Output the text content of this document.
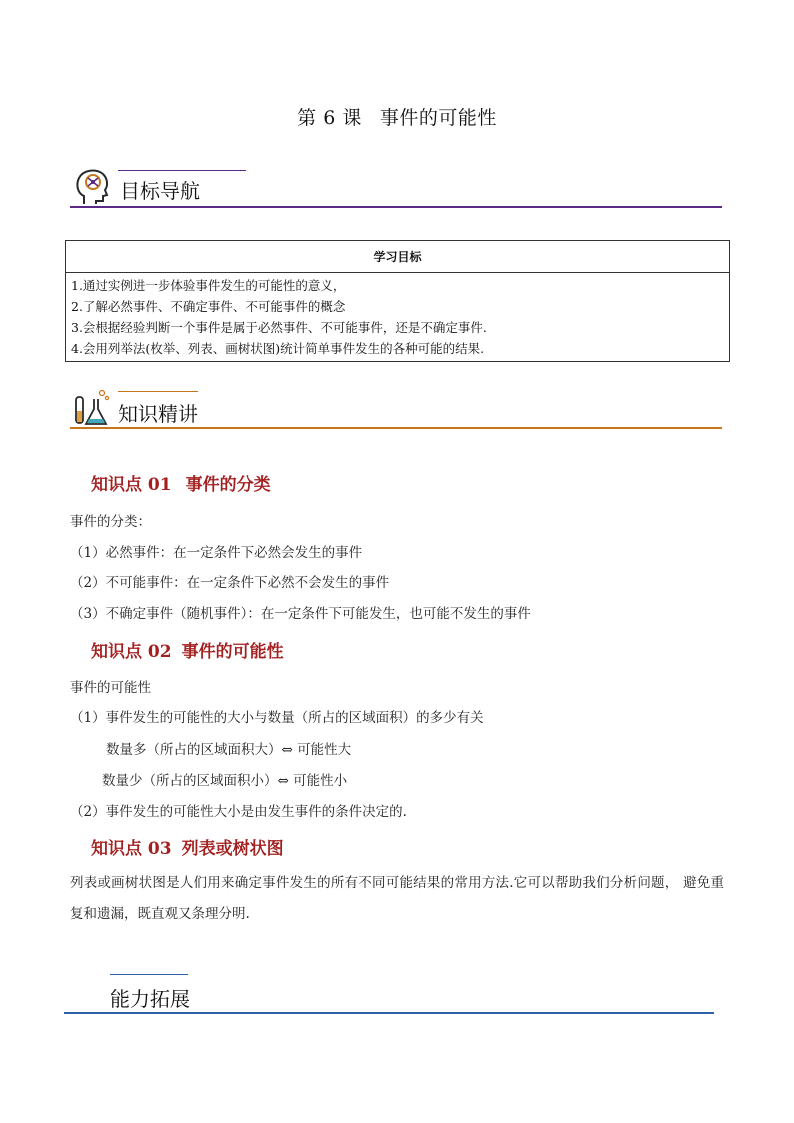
第 6 课 事件的可能性
目标导航
学习目标

1.通过实例进一步体验事件发生的可能性的意义，
2.了解必然事件、不确定事件、不可能事件的概念
3.会根据经验判断一个事件是属于必然事件、不可能事件，还是不确定事件.
4.会用列举法(枚举、列表、画树状图)统计简单事件发生的各种可能的结果.
知识精讲
知识点 01 事件的分类
事件的分类：
（1）必然事件：在一定条件下必然会发生的事件
（2）不可能事件：在一定条件下必然不会发生的事件
（3）不确定事件（随机事件）：在一定条件下可能发生，也可能不发生的事件
知识点 02 事件的可能性
事件的可能性
（1）事件发生的可能性的大小与数量（所占的区域面积）的多少有关
数量多（所占的区域面积大）⇔ 可能性大
数量少（所占的区域面积小）⇔ 可能性小
（2）事件发生的可能性大小是由发生事件的条件决定的.
知识点 03 列表或树状图
列表或画树状图是人们用来确定事件发生的所有不同可能结果的常用方法.它可以帮助我们分析问题， 避免重复和遗漏，既直观又条理分明.
能力拓展
